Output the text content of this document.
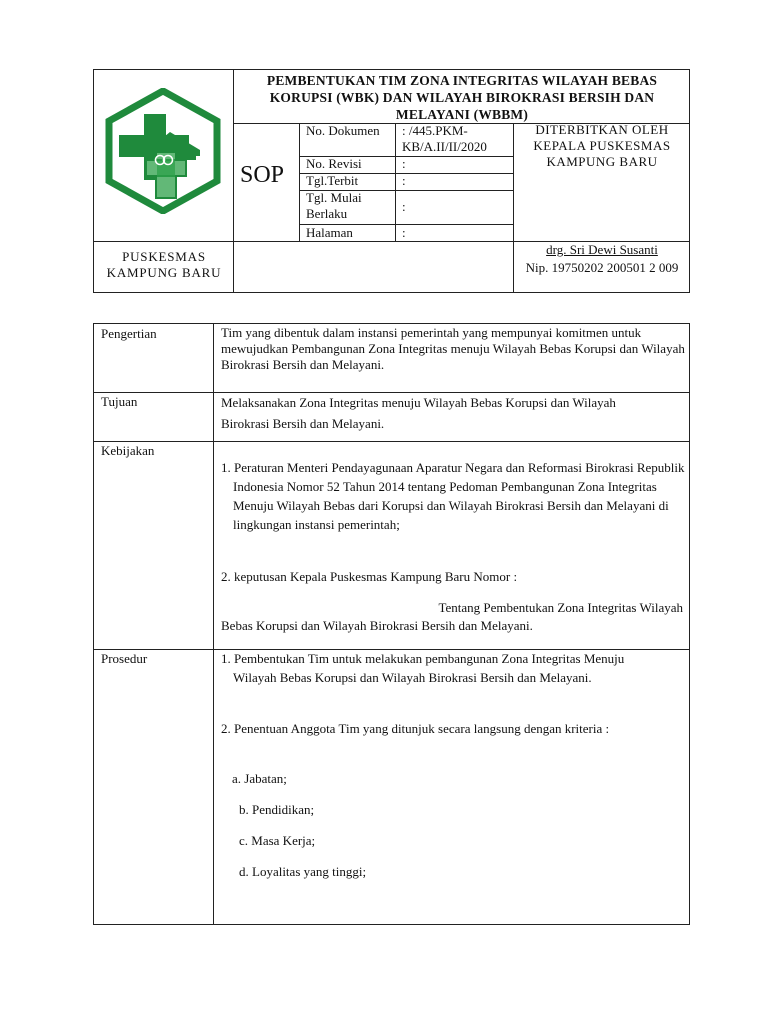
PEMBENTUKAN TIM ZONA INTEGRITAS WILAYAH BEBAS KORUPSI (WBK) DAN WILAYAH BIROKRASI BERSIH DAN MELAYANI (WBBM)
SOP
No. Dokumen	: /445.PKM-KB/A.II/II/2020
No. Revisi	:
Tgl.Terbit	:
Tgl. Mulai Berlaku	:
Halaman	:
DITERBITKAN OLEH KEPALA PUSKESMAS KAMPUNG BARU
PUSKESMAS KAMPUNG BARU
drg. Sri Dewi Susanti
Nip. 19750202 200501 2 009
Pengertian	Tim yang dibentuk dalam instansi pemerintah yang mempunyai komitmen untuk mewujudkan Pembangunan Zona Integritas menuju Wilayah Bebas Korupsi dan Wilayah Birokrasi Bersih dan Melayani.
Tujuan	Melaksanakan Zona Integritas menuju Wilayah Bebas Korupsi dan Wilayah Birokrasi Bersih dan Melayani.
Kebijakan
1. Peraturan Menteri Pendayagunaan Aparatur Negara dan Reformasi Birokrasi Republik Indonesia Nomor 52 Tahun 2014 tentang Pedoman Pembangunan Zona Integritas Menuju Wilayah Bebas dari Korupsi dan Wilayah Birokrasi Bersih dan Melayani di lingkungan instansi pemerintah;
2. keputusan Kepala Puskesmas Kampung Baru Nomor :
Tentang Pembentukan Zona Integritas Wilayah
Bebas Korupsi dan Wilayah Birokrasi Bersih dan Melayani.
Prosedur	1. Pembentukan Tim untuk melakukan pembangunan Zona Integritas Menuju Wilayah Bebas Korupsi dan Wilayah Birokrasi Bersih dan Melayani.
2. Penentuan Anggota Tim yang ditunjuk secara langsung dengan kriteria :
a. Jabatan;
b. Pendidikan;
c. Masa Kerja;
d. Loyalitas yang tinggi;
